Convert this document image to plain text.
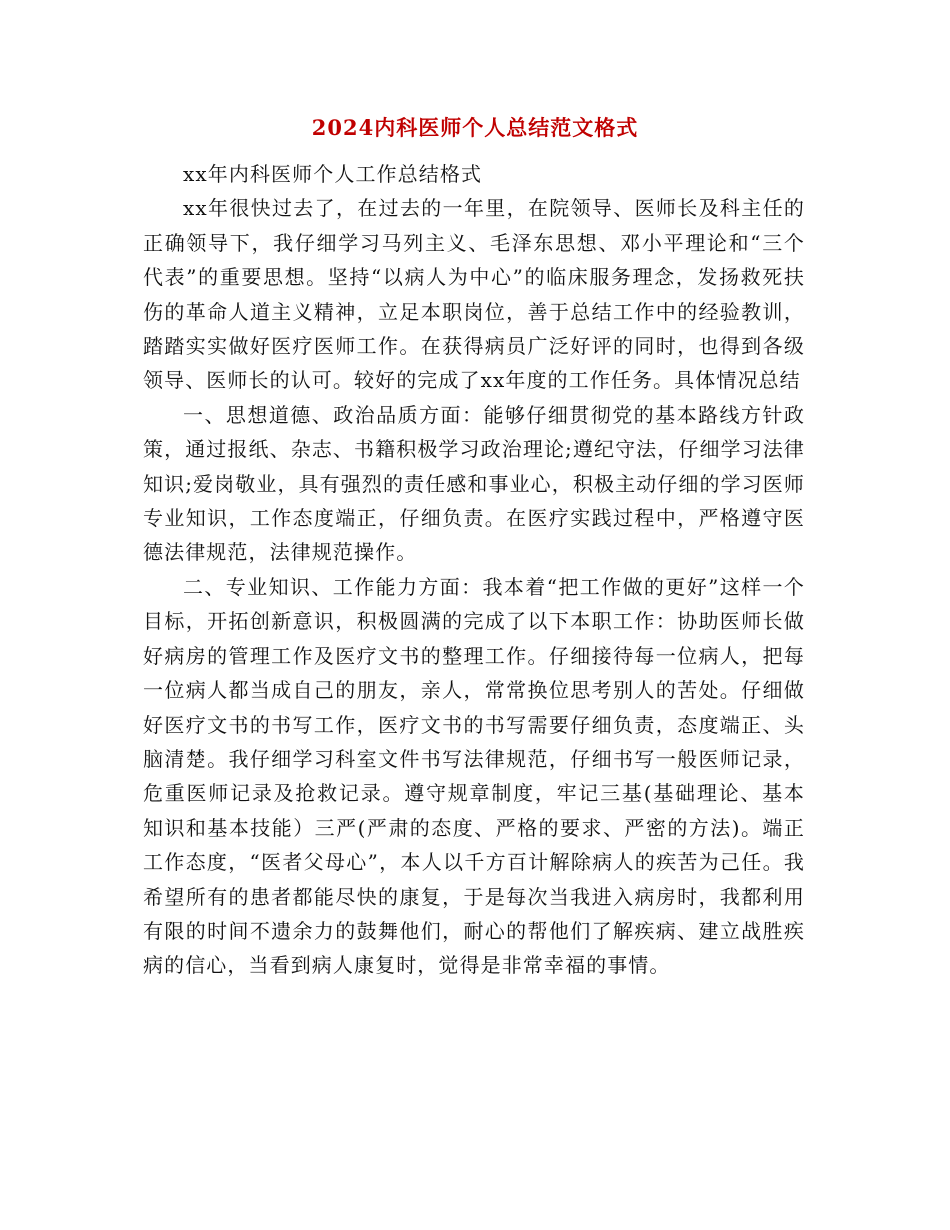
2024内科医师个人总结范文格式

xx年内科医师个人工作总结格式

xx年很快过去了，在过去的一年里，在院领导、医师长及科主任的正确领导下，我仔细学习马列主义、毛泽东思想、邓小平理论和“三个代表”的重要思想。坚持“以病人为中心”的临床服务理念，发扬救死扶伤的革命人道主义精神，立足本职岗位，善于总结工作中的经验教训，踏踏实实做好医疗医师工作。在获得病员广泛好评的同时，也得到各级领导、医师长的认可。较好的完成了xx年度的工作任务。具体情况总结

一、思想道德、政治品质方面：能够仔细贯彻党的基本路线方针政策，通过报纸、杂志、书籍积极学习政治理论;遵纪守法，仔细学习法律知识;爱岗敬业，具有强烈的责任感和事业心，积极主动仔细的学习医师专业知识，工作态度端正，仔细负责。在医疗实践过程中，严格遵守医德法律规范，法律规范操作。

二、专业知识、工作能力方面：我本着“把工作做的更好”这样一个目标，开拓创新意识，积极圆满的完成了以下本职工作：协助医师长做好病房的管理工作及医疗文书的整理工作。仔细接待每一位病人，把每一位病人都当成自己的朋友，亲人，常常换位思考别人的苦处。仔细做好医疗文书的书写工作，医疗文书的书写需要仔细负责，态度端正、头脑清楚。我仔细学习科室文件书写法律规范，仔细书写一般医师记录，危重医师记录及抢救记录。遵守规章制度，牢记三基(基础理论、基本知识和基本技能）三严(严肃的态度、严格的要求、严密的方法)。端正工作态度，“医者父母心”，本人以千方百计解除病人的疾苦为己任。我希望所有的患者都能尽快的康复，于是每次当我进入病房时，我都利用有限的时间不遗余力的鼓舞他们，耐心的帮他们了解疾病、建立战胜疾病的信心，当看到病人康复时，觉得是非常幸福的事情。
